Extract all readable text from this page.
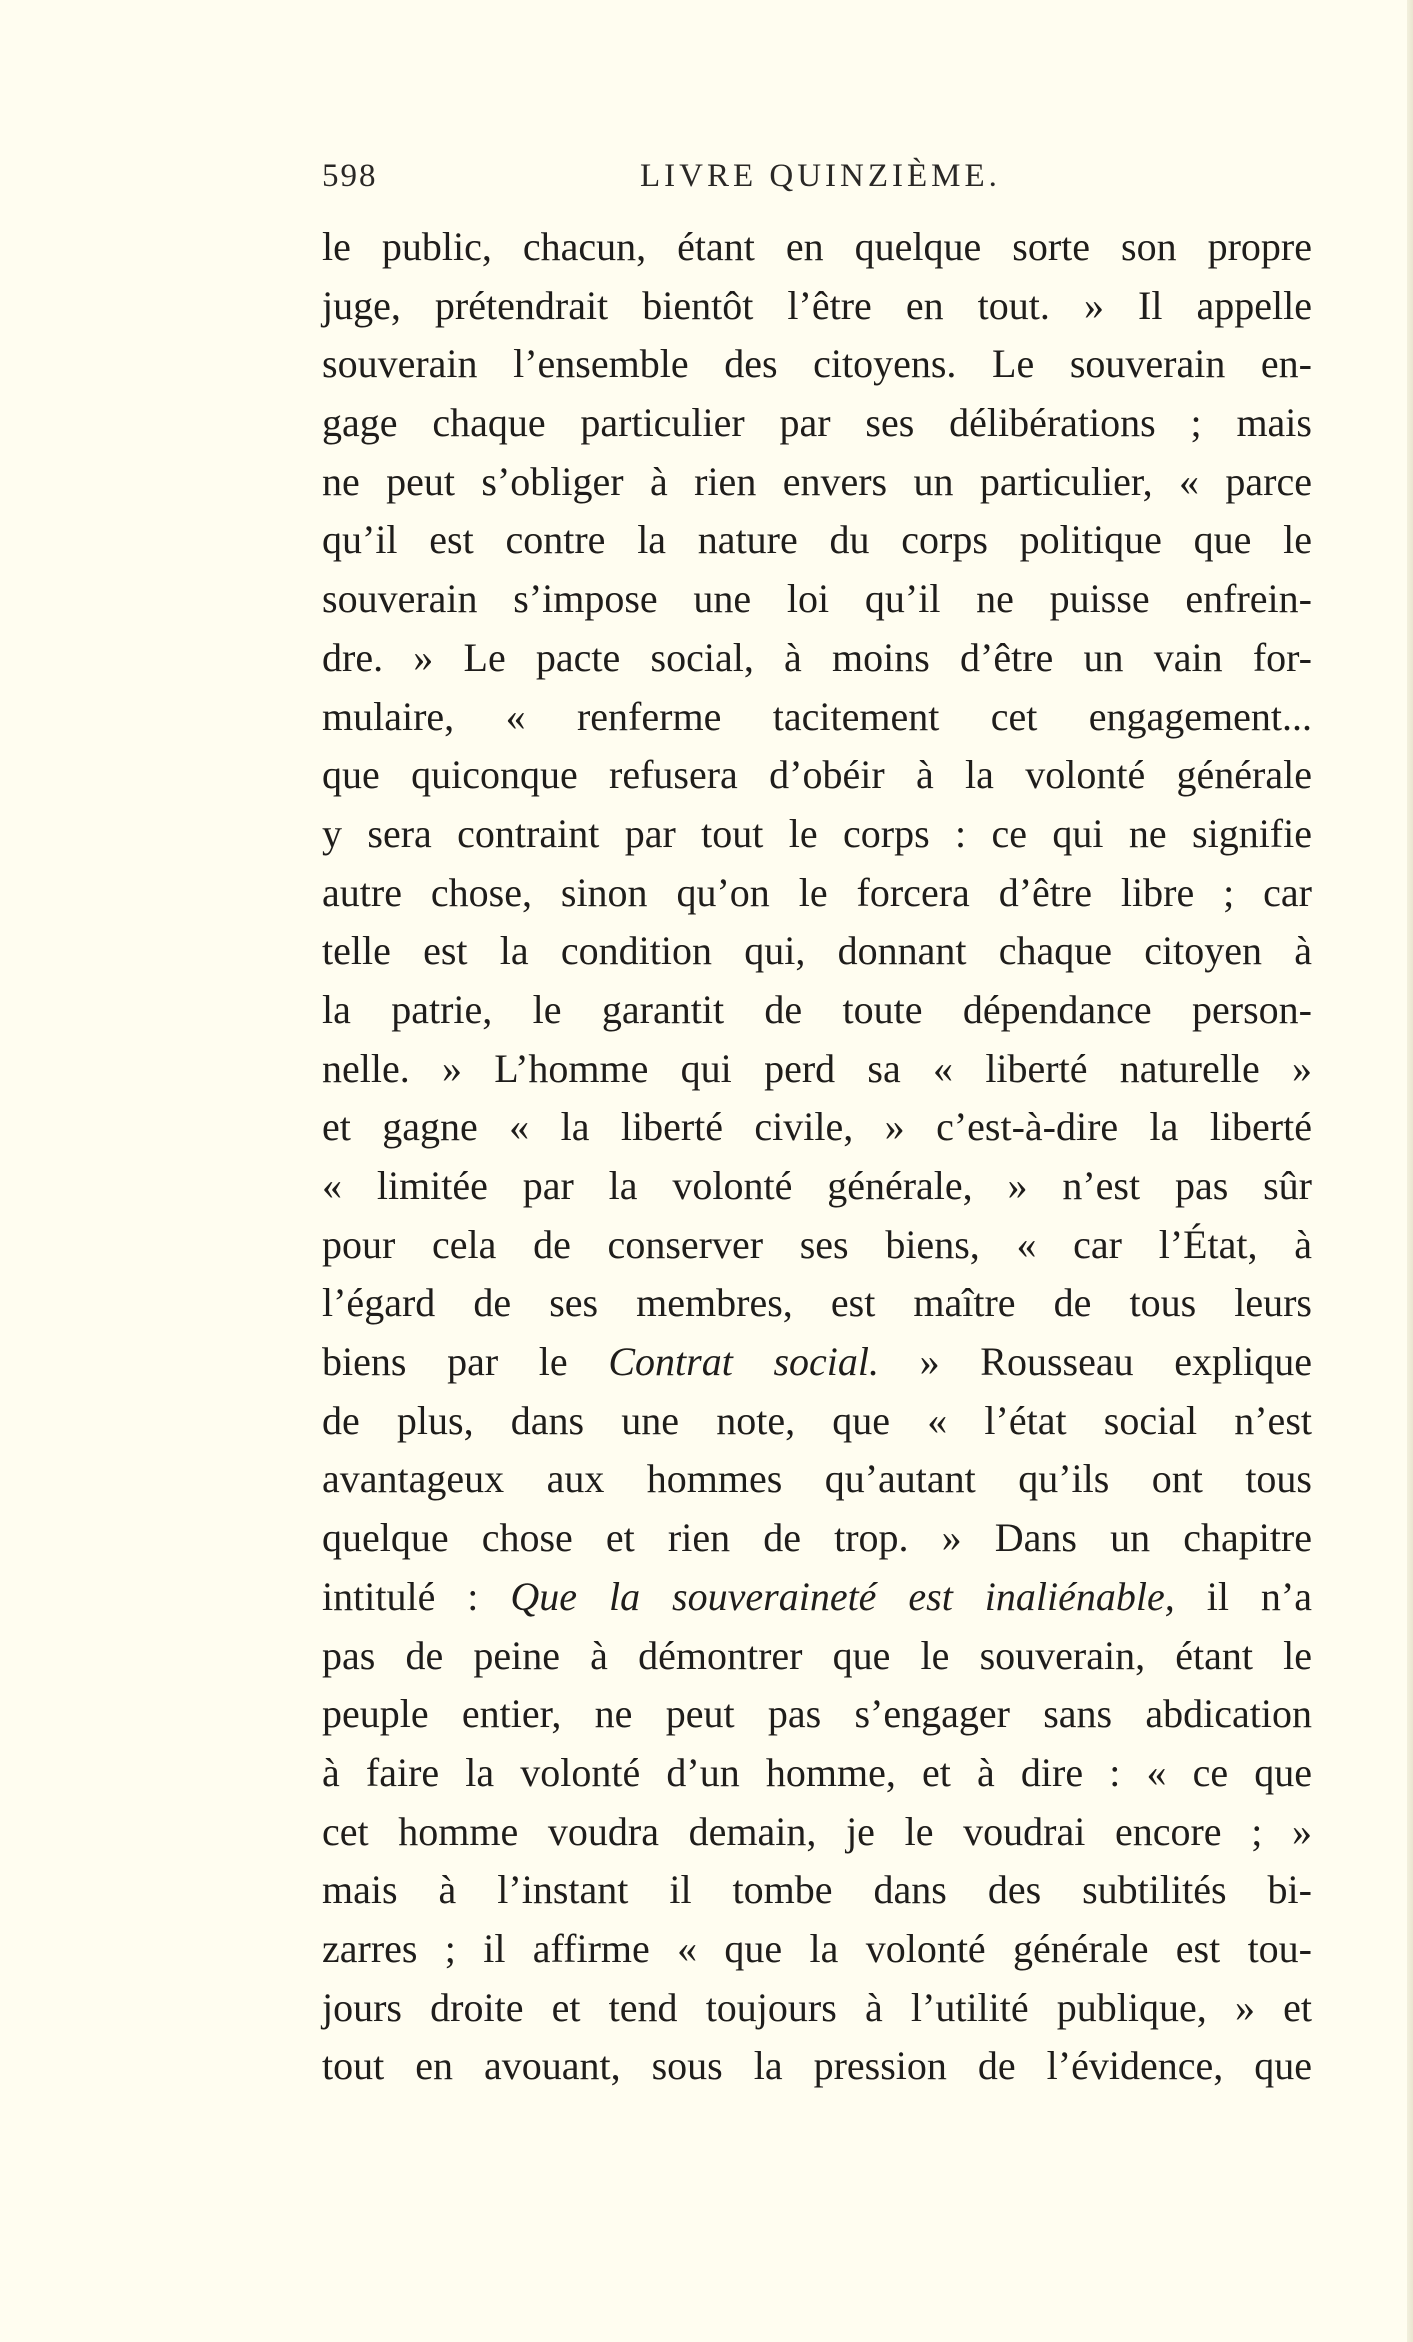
598	LIVRE QUINZIÈME.
le public, chacun, étant en quelque sorte son propre
juge, prétendrait bientôt l’être en tout. » Il appelle
souverain l’ensemble des citoyens. Le souverain en-
gage chaque particulier par ses délibérations ; mais
ne peut s’obliger à rien envers un particulier, « parce
qu’il est contre la nature du corps politique que le
souverain s’impose une loi qu’il ne puisse enfrein-
dre. » Le pacte social, à moins d’être un vain for-
mulaire, « renferme tacitement cet engagement...
que quiconque refusera d’obéir à la volonté générale
y sera contraint par tout le corps : ce qui ne signifie
autre chose, sinon qu’on le forcera d’être libre ; car
telle est la condition qui, donnant chaque citoyen à
la patrie, le garantit de toute dépendance person-
nelle. » L’homme qui perd sa « liberté naturelle »
et gagne « la liberté civile, » c’est-à-dire la liberté
« limitée par la volonté générale, » n’est pas sûr
pour cela de conserver ses biens, « car l’État, à
l’égard de ses membres, est maître de tous leurs
biens par le Contrat social. » Rousseau explique
de plus, dans une note, que « l’état social n’est
avantageux aux hommes qu’autant qu’ils ont tous
quelque chose et rien de trop. » Dans un chapitre
intitulé : Que la souveraineté est inaliénable, il n’a
pas de peine à démontrer que le souverain, étant le
peuple entier, ne peut pas s’engager sans abdication
à faire la volonté d’un homme, et à dire : « ce que
cet homme voudra demain, je le voudrai encore ; »
mais à l’instant il tombe dans des subtilités bi-
zarres ; il affirme « que la volonté générale est tou-
jours droite et tend toujours à l’utilité publique, » et
tout en avouant, sous la pression de l’évidence, que
